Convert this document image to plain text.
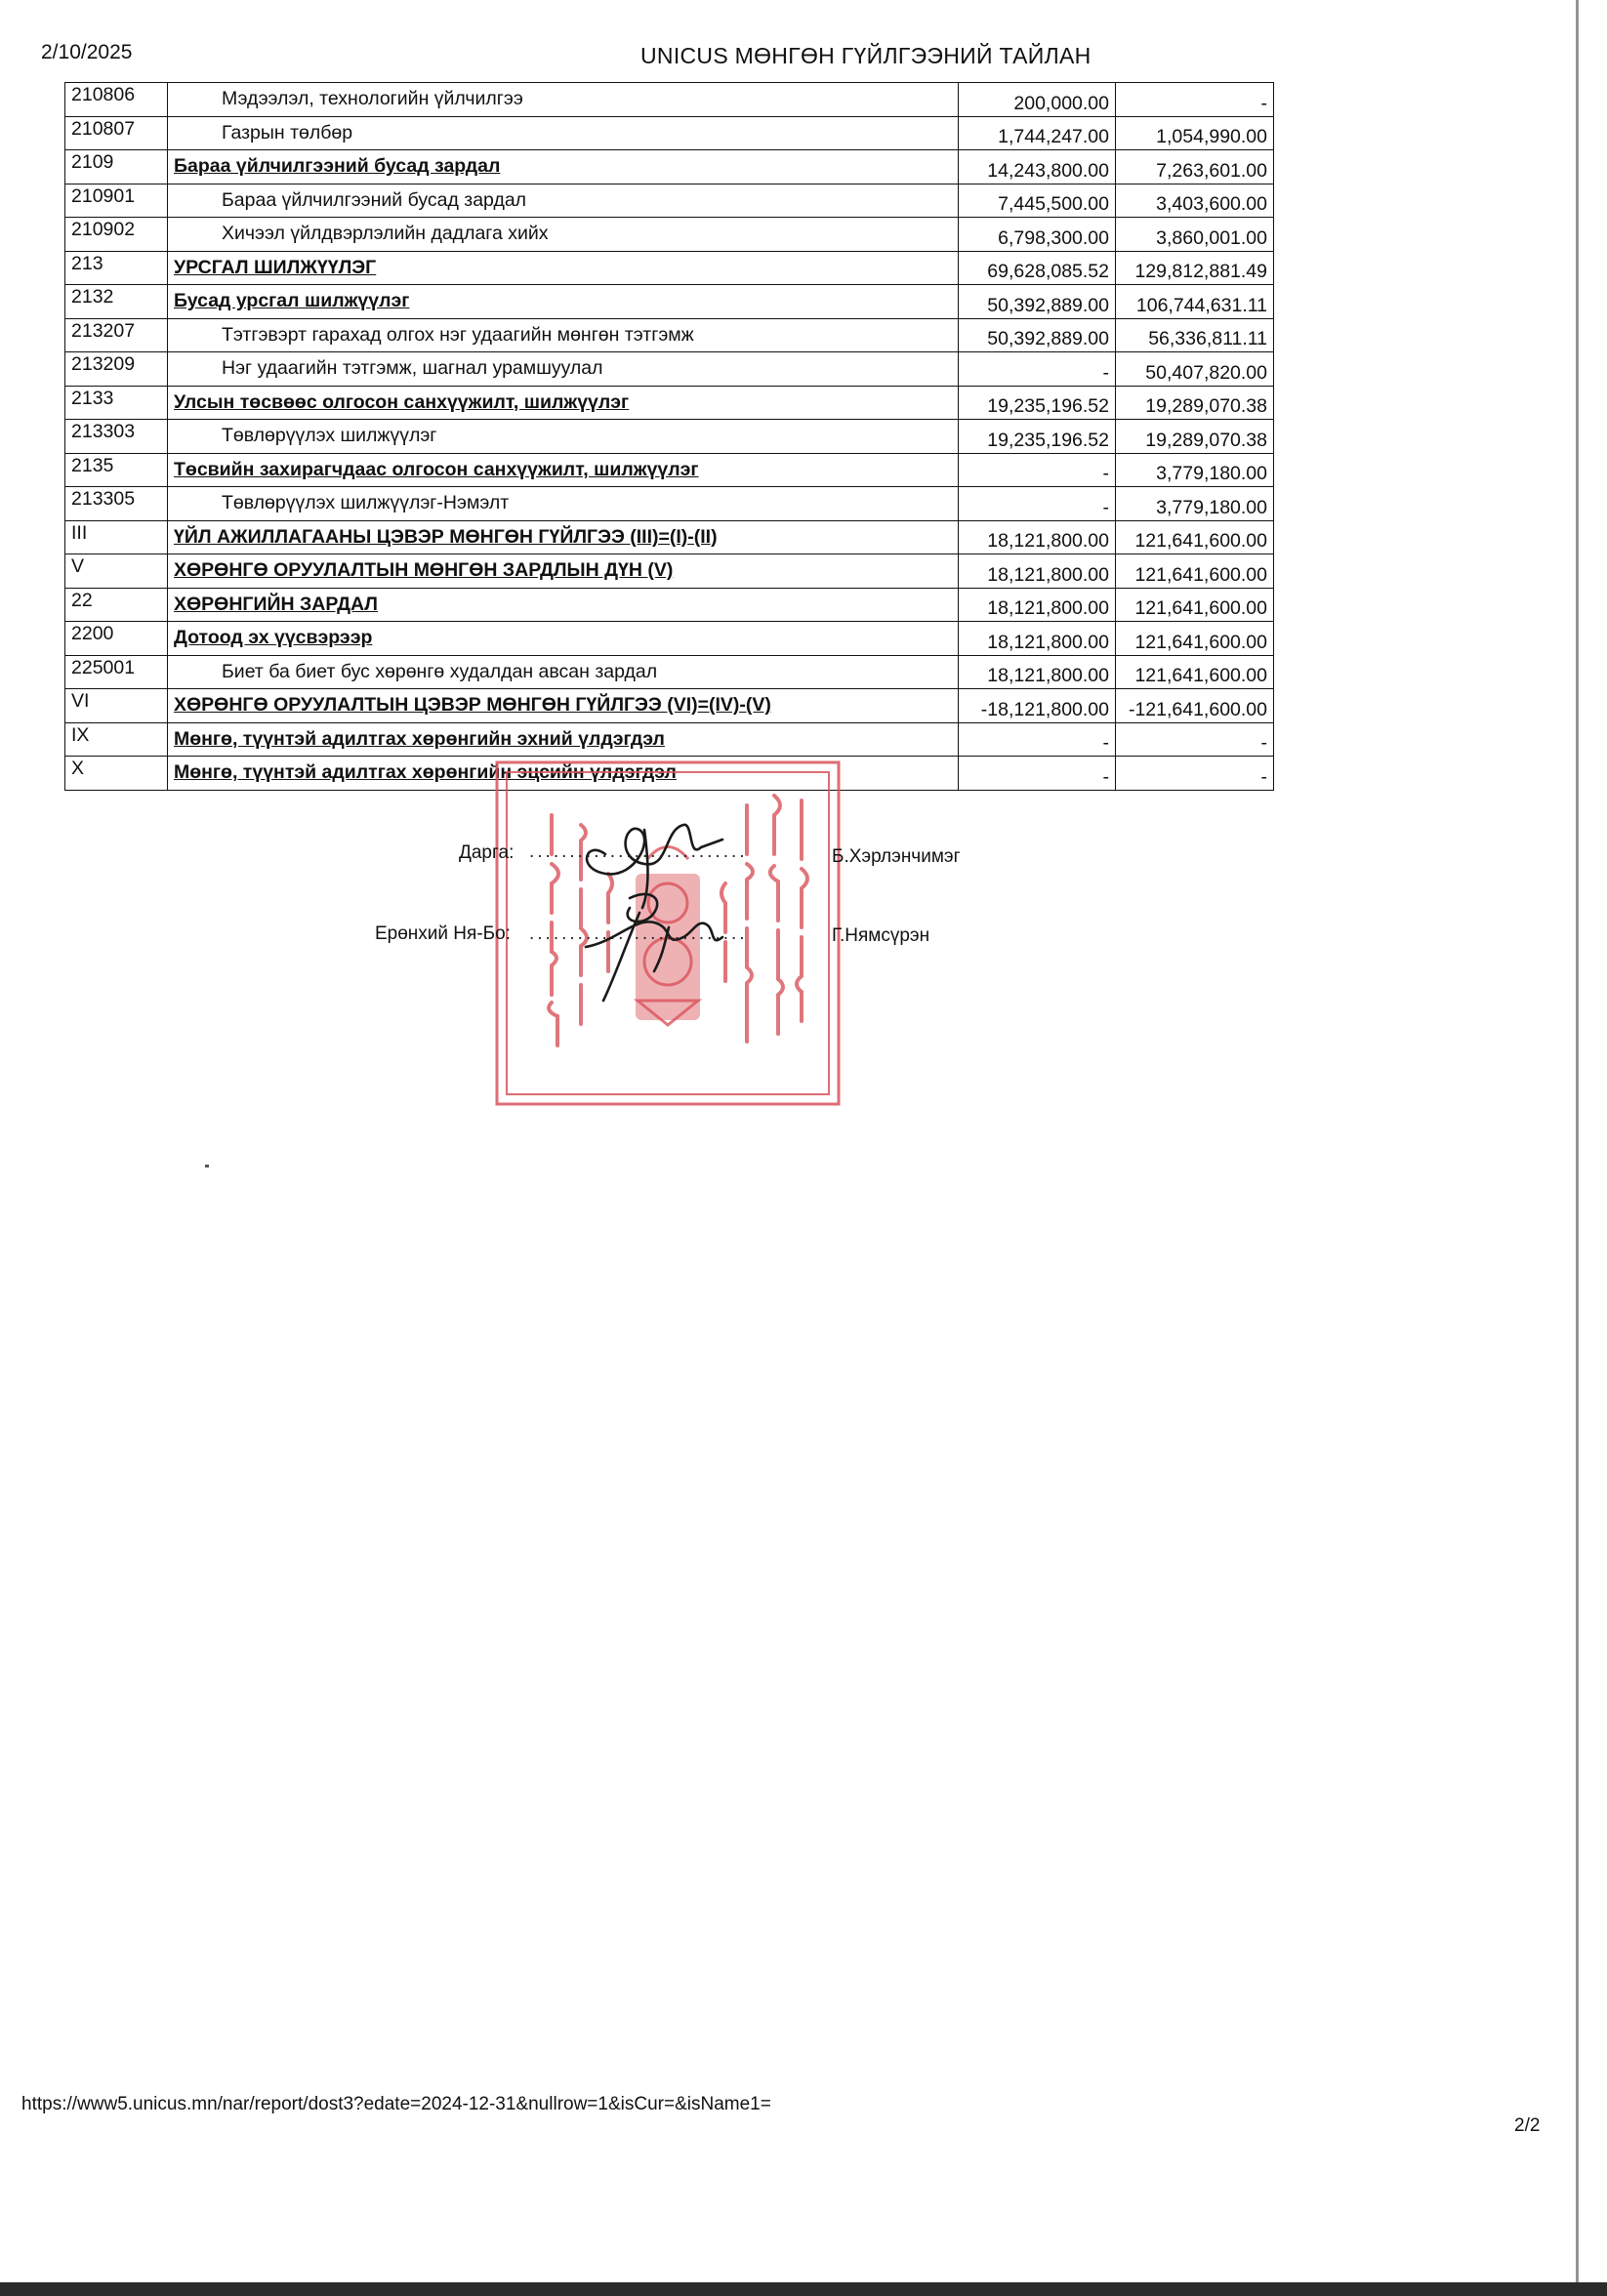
2/10/2025	UNICUS МӨНГӨН ГҮЙЛГЭЭНИЙ ТАЙЛАН
210806	Мэдээлэл, технологийн үйлчилгээ	200,000.00	-
210807	Газрын төлбөр	1,744,247.00	1,054,990.00
2109	Бараа үйлчилгээний бусад зардал	14,243,800.00	7,263,601.00
210901	Бараа үйлчилгээний бусад зардал	7,445,500.00	3,403,600.00
210902	Хичээл үйлдвэрлэлийн дадлага хийх	6,798,300.00	3,860,001.00
213	УРСГАЛ ШИЛЖҮҮЛЭГ	69,628,085.52	129,812,881.49
2132	Бусад урсгал шилжүүлэг	50,392,889.00	106,744,631.11
213207	Тэтгэвэрт гарахад олгох нэг удаагийн мөнгөн тэтгэмж	50,392,889.00	56,336,811.11
213209	Нэг удаагийн тэтгэмж, шагнал урамшуулал	-	50,407,820.00
2133	Улсын төсвөөс олгосон санхүүжилт, шилжүүлэг	19,235,196.52	19,289,070.38
213303	Төвлөрүүлэх шилжүүлэг	19,235,196.52	19,289,070.38
2135	Төсвийн захирагчдаас олгосон санхүүжилт, шилжүүлэг	-	3,779,180.00
213305	Төвлөрүүлэх шилжүүлэг-Нэмэлт	-	3,779,180.00
III	ҮЙЛ АЖИЛЛАГААНЫ ЦЭВЭР МӨНГӨН ГҮЙЛГЭЭ (III)=(I)-(II)	18,121,800.00	121,641,600.00
V	ХӨРӨНГӨ ОРУУЛАЛТЫН МӨНГӨН ЗАРДЛЫН ДҮН (V)	18,121,800.00	121,641,600.00
22	ХӨРӨНГИЙН ЗАРДАЛ	18,121,800.00	121,641,600.00
2200	Дотоод эх үүсвэрээр	18,121,800.00	121,641,600.00
225001	Биет ба биет бус хөрөнгө худалдан авсан зардал	18,121,800.00	121,641,600.00
VI	ХӨРӨНГӨ ОРУУЛАЛТЫН ЦЭВЭР МӨНГӨН ГҮЙЛГЭЭ (VI)=(IV)-(V)	-18,121,800.00	-121,641,600.00
IX	Мөнгө, түүнтэй адилтгах хөрөнгийн эхний үлдэгдэл	-	-
X	Мөнгө, түүнтэй адилтгах хөрөнгийн эцсийн үлдэгдэл	-	-
Дарга: ...........................	Б.Хэрлэнчимэг
Ерөнхий Ня-Бо: ...........................	Г.Нямсүрэн
https://www5.unicus.mn/nar/report/dost3?edate=2024-12-31&nullrow=1&isCur=&isName1=
2/2
